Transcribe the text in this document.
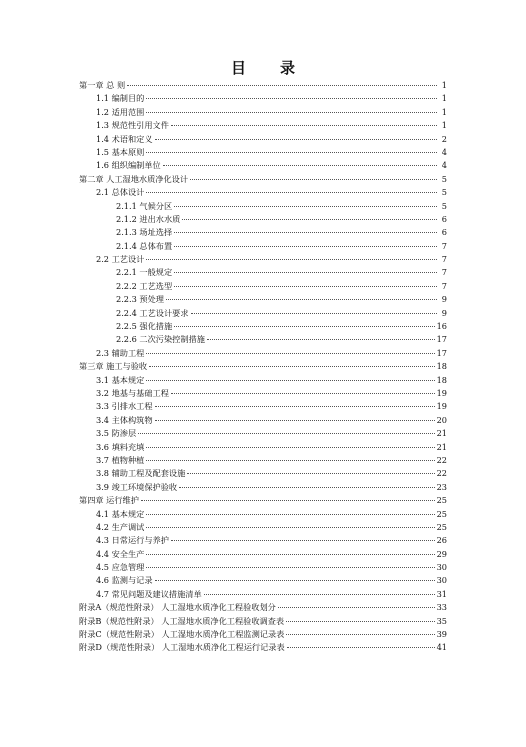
目 录
第一章 总 则	1
1.1 编制目的	1
1.2 适用范围	1
1.3 规范性引用文件	1
1.4 术语和定义	2
1.5 基本原则	4
1.6 组织编制单位	4
第二章 人工湿地水质净化设计	5
2.1 总体设计	5
2.1.1 气候分区	5
2.1.2 进出水水质	6
2.1.3 场址选择	6
2.1.4 总体布置	7
2.2 工艺设计	7
2.2.1 一般规定	7
2.2.2 工艺选型	7
2.2.3 预处理	9
2.2.4 工艺设计要求	9
2.2.5 强化措施	16
2.2.6 二次污染控制措施	17
2.3 辅助工程	17
第三章 施工与验收	18
3.1 基本规定	18
3.2 地基与基础工程	19
3.3 引排水工程	19
3.4 主体构筑物	20
3.5 防渗层	21
3.6 填料充填	21
3.7 植物种植	22
3.8 辅助工程及配套设施	22
3.9 竣工环境保护验收	23
第四章 运行维护	25
4.1 基本规定	25
4.2 生产调试	25
4.3 日常运行与养护	26
4.4 安全生产	29
4.5 应急管理	30
4.6 监测与记录	30
4.7 常见问题及建议措施清单	31
附录A（规范性附录） 人工湿地水质净化工程验收划分	33
附录B（规范性附录） 人工湿地水质净化工程验收调查表	35
附录C（规范性附录） 人工湿地水质净化工程监测记录表	39
附录D（规范性附录） 人工湿地水质净化工程运行记录表	41
